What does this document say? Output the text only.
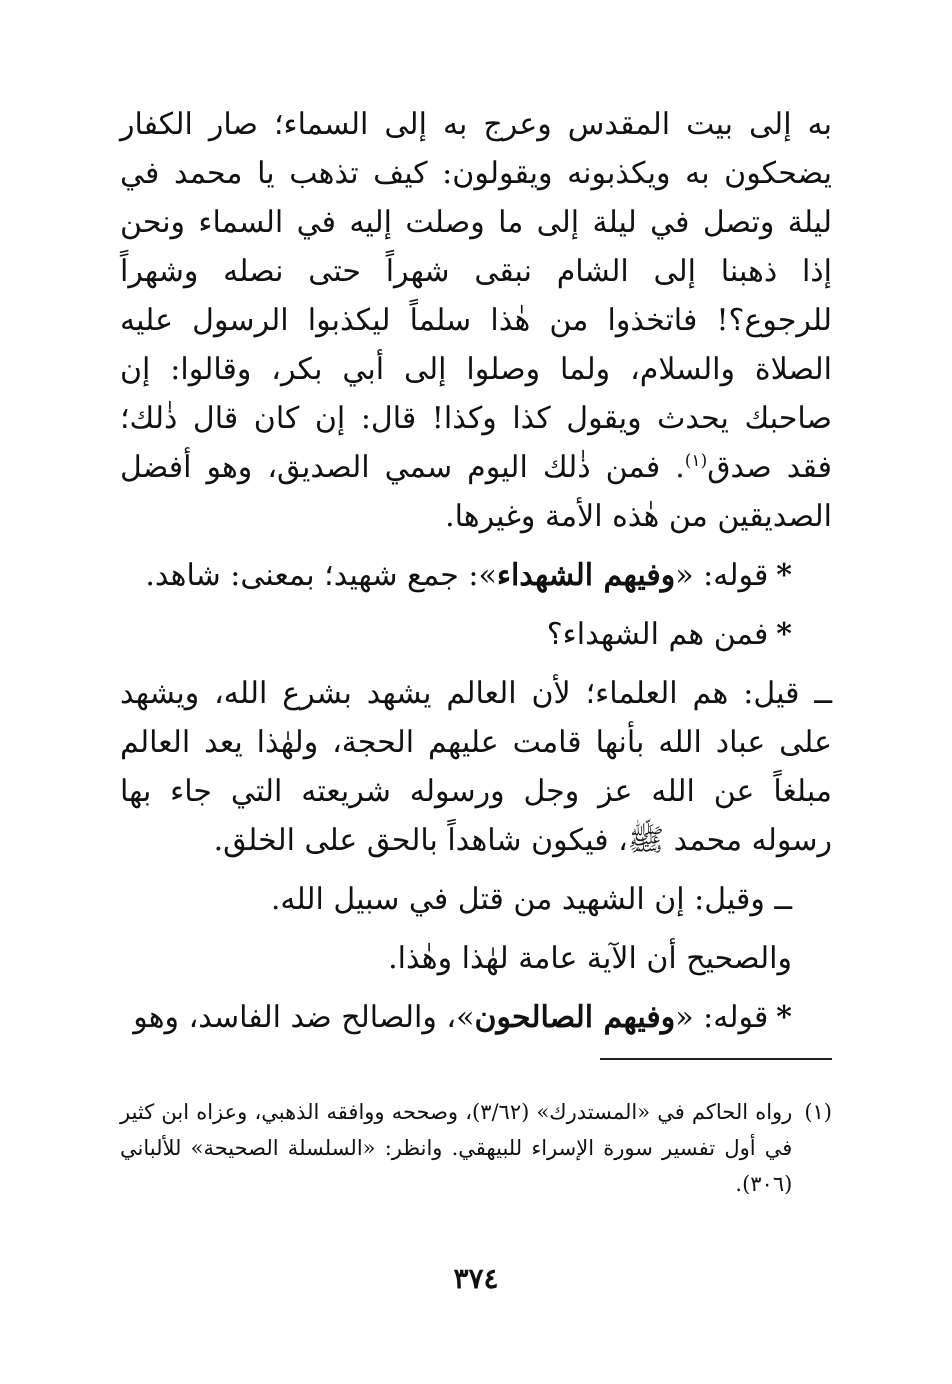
به إلى بيت المقدس وعرج به إلى السماء؛ صار الكفار يضحكون به ويكذبونه ويقولون: كيف تذهب يا محمد في ليلة وتصل في ليلة إلى ما وصلت إليه في السماء ونحن إذا ذهبنا إلى الشام نبقى شهراً حتى نصله وشهراً للرجوع؟! فاتخذوا من هٰذا سلماً ليكذبوا الرسول عليه الصلاة والسلام، ولما وصلوا إلى أبي بكر، وقالوا: إن صاحبك يحدث ويقول كذا وكذا! قال: إن كان قال ذٰلك؛ فقد صدق$^{(١)}$. فمن ذٰلك اليوم سمي الصديق، وهو أفضل الصديقين من هٰذه الأمة وغيرها.

*قوله: «وفيهم الشهداء»: جمع شهيد؛ بمعنى: شاهد.

*فمن هم الشهداء؟

ــ قيل: هم العلماء؛ لأن العالم يشهد بشرع الله، ويشهد على عباد الله بأنها قامت عليهم الحجة، ولهٰذا يعد العالم مبلغاً عن الله عز وجل ورسوله شريعته التي جاء بها رسوله محمد ﷺ، فيكون شاهداً بالحق على الخلق.

ــ وقيل: إن الشهيد من قتل في سبيل الله.

والصحيح أن الآية عامة لهٰذا وهٰذا.

*قوله: «وفيهم الصالحون»، والصالح ضد الفاسد، وهو

(١)
رواه الحاكم في «المستدرك» (٣/٦٢)، وصححه ووافقه الذهبي، وعزاه ابن كثير في أول تفسير سورة الإسراء للبيهقي. وانظر: «السلسلة الصحيحة» للألباني (٣٠٦).
٣٧٤
